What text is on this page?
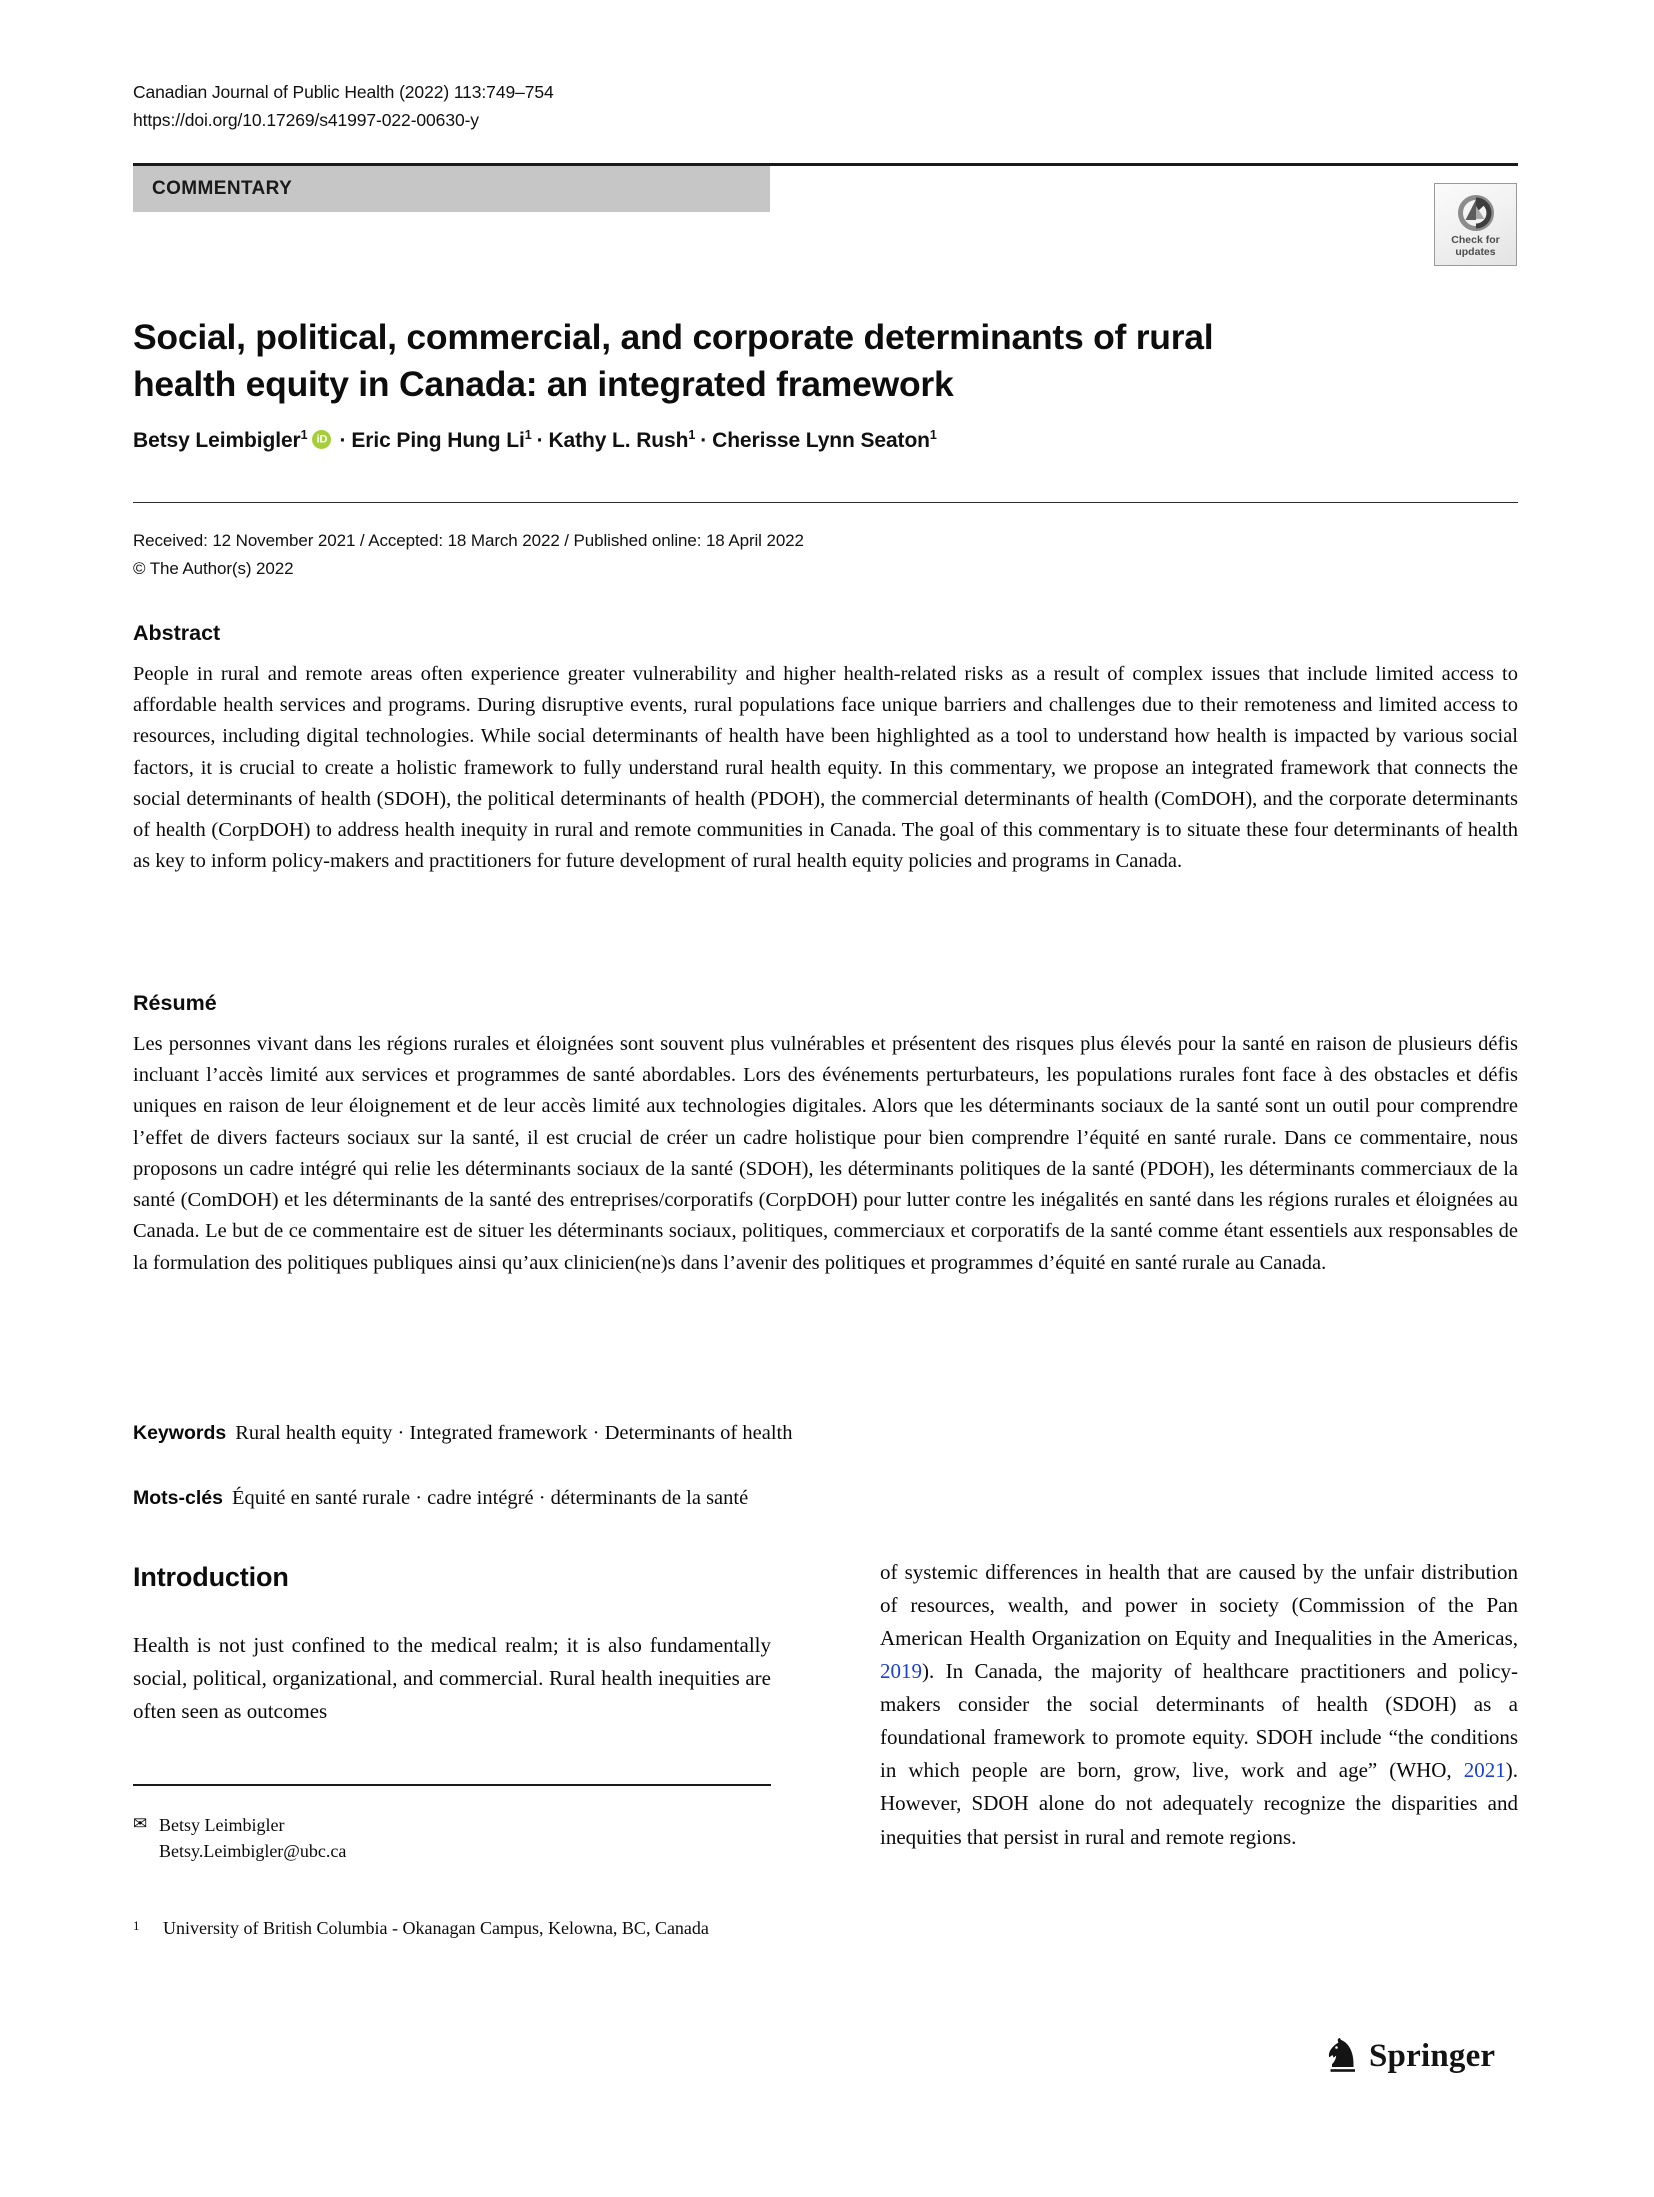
Canadian Journal of Public Health (2022) 113:749–754
https://doi.org/10.17269/s41997-022-00630-y
COMMENTARY
Check for
updates
Social, political, commercial, and corporate determinants of rural health equity in Canada: an integrated framework
Betsy Leimbigler$^1$ iD · Eric Ping Hung $Li^1$ · Kathy L. Rush$^1$ · Cherisse Lynn Seaton$^1$
Received: 12 November 2021 / Accepted: 18 March 2022 / Published online: 18 April 2022
© The Author(s) 2022
Abstract
People in rural and remote areas often experience greater vulnerability and higher health-related risks as a result of complex issues that include limited access to affordable health services and programs. During disruptive events, rural populations face unique barriers and challenges due to their remoteness and limited access to resources, including digital technologies. While social determinants of health have been highlighted as a tool to understand how health is impacted by various social factors, it is crucial to create a holistic framework to fully understand rural health equity. In this commentary, we propose an integrated framework that connects the social determinants of health (SDOH), the political determinants of health (PDOH), the commercial determinants of health (ComDOH), and the corporate determinants of health (CorpDOH) to address health inequity in rural and remote communities in Canada. The goal of this commentary is to situate these four determinants of health as key to inform policy-makers and practitioners for future development of rural health equity policies and programs in Canada.
Résumé
Les personnes vivant dans les régions rurales et éloignées sont souvent plus vulnérables et présentent des risques plus élevés pour la santé en raison de plusieurs défis incluant l’accès limité aux services et programmes de santé abordables. Lors des événements perturbateurs, les populations rurales font face à des obstacles et défis uniques en raison de leur éloignement et de leur accès limité aux technologies digitales. Alors que les déterminants sociaux de la santé sont un outil pour comprendre l’effet de divers facteurs sociaux sur la santé, il est crucial de créer un cadre holistique pour bien comprendre l’équité en santé rurale. Dans ce commentaire, nous proposons un cadre intégré qui relie les déterminants sociaux de la santé (SDOH), les déterminants politiques de la santé (PDOH), les déterminants commerciaux de la santé (ComDOH) et les déterminants de la santé des entreprises/corporatifs (CorpDOH) pour lutter contre les inégalités en santé dans les régions rurales et éloignées au Canada. Le but de ce commentaire est de situer les déterminants sociaux, politiques, commerciaux et corporatifs de la santé comme étant essentiels aux responsables de la formulation des politiques publiques ainsi qu’aux clinicien(ne)s dans l’avenir des politiques et programmes d’équité en santé rurale au Canada.
Keywords Rural health equity · Integrated framework · Determinants of health
Mots-clés Équité en santé rurale · cadre intégré · déterminants de la santé
Introduction

Health is not just confined to the medical realm; it is also fundamentally social, political, organizational, and commercial. Rural health inequities are often seen as outcomes

of systemic differences in health that are caused by the unfair distribution of resources, wealth, and power in society (Commission of the Pan American Health Organization on Equity and Inequalities in the Americas, 2019). In Canada, the majority of healthcare practitioners and policy-makers consider the social determinants of health (SDOH) as a foundational framework to promote equity. SDOH include “the conditions in which people are born, grow, live, work and age” (WHO, 2021). However, SDOH alone do not adequately recognize the disparities and inequities that persist in rural and remote regions.

✉ Betsy Leimbigler
Betsy.Leimbigler@ubc.ca
1	University of British Columbia - Okanagan Campus, Kelowna, BC, Canada
Springer
